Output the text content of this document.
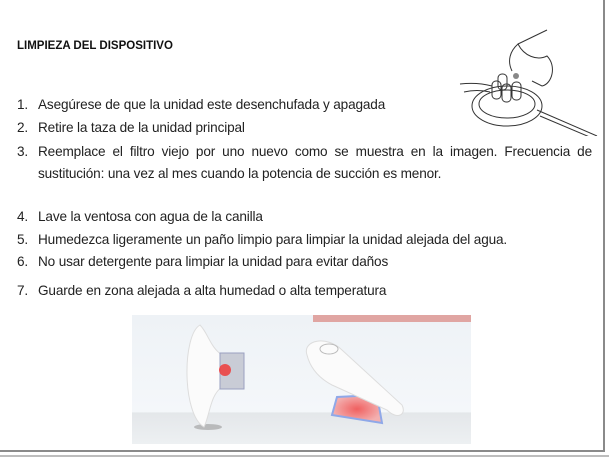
LIMPIEZA DEL DISPOSITIVO
1. Asegúrese de que la unidad este desenchufada y apagada
2. Retire la taza de la unidad principal
3. Reemplace el filtro viejo por uno nuevo como se muestra en la imagen. Frecuencia de sustitución: una vez al mes cuando la potencia de succión es menor.
4. Lave la ventosa con agua de la canilla
5. Humedezca ligeramente un paño limpio para limpiar la unidad alejada del agua.
6. No usar detergente para limpiar la unidad para evitar daños
7. Guarde en zona alejada a alta humedad o alta temperatura
